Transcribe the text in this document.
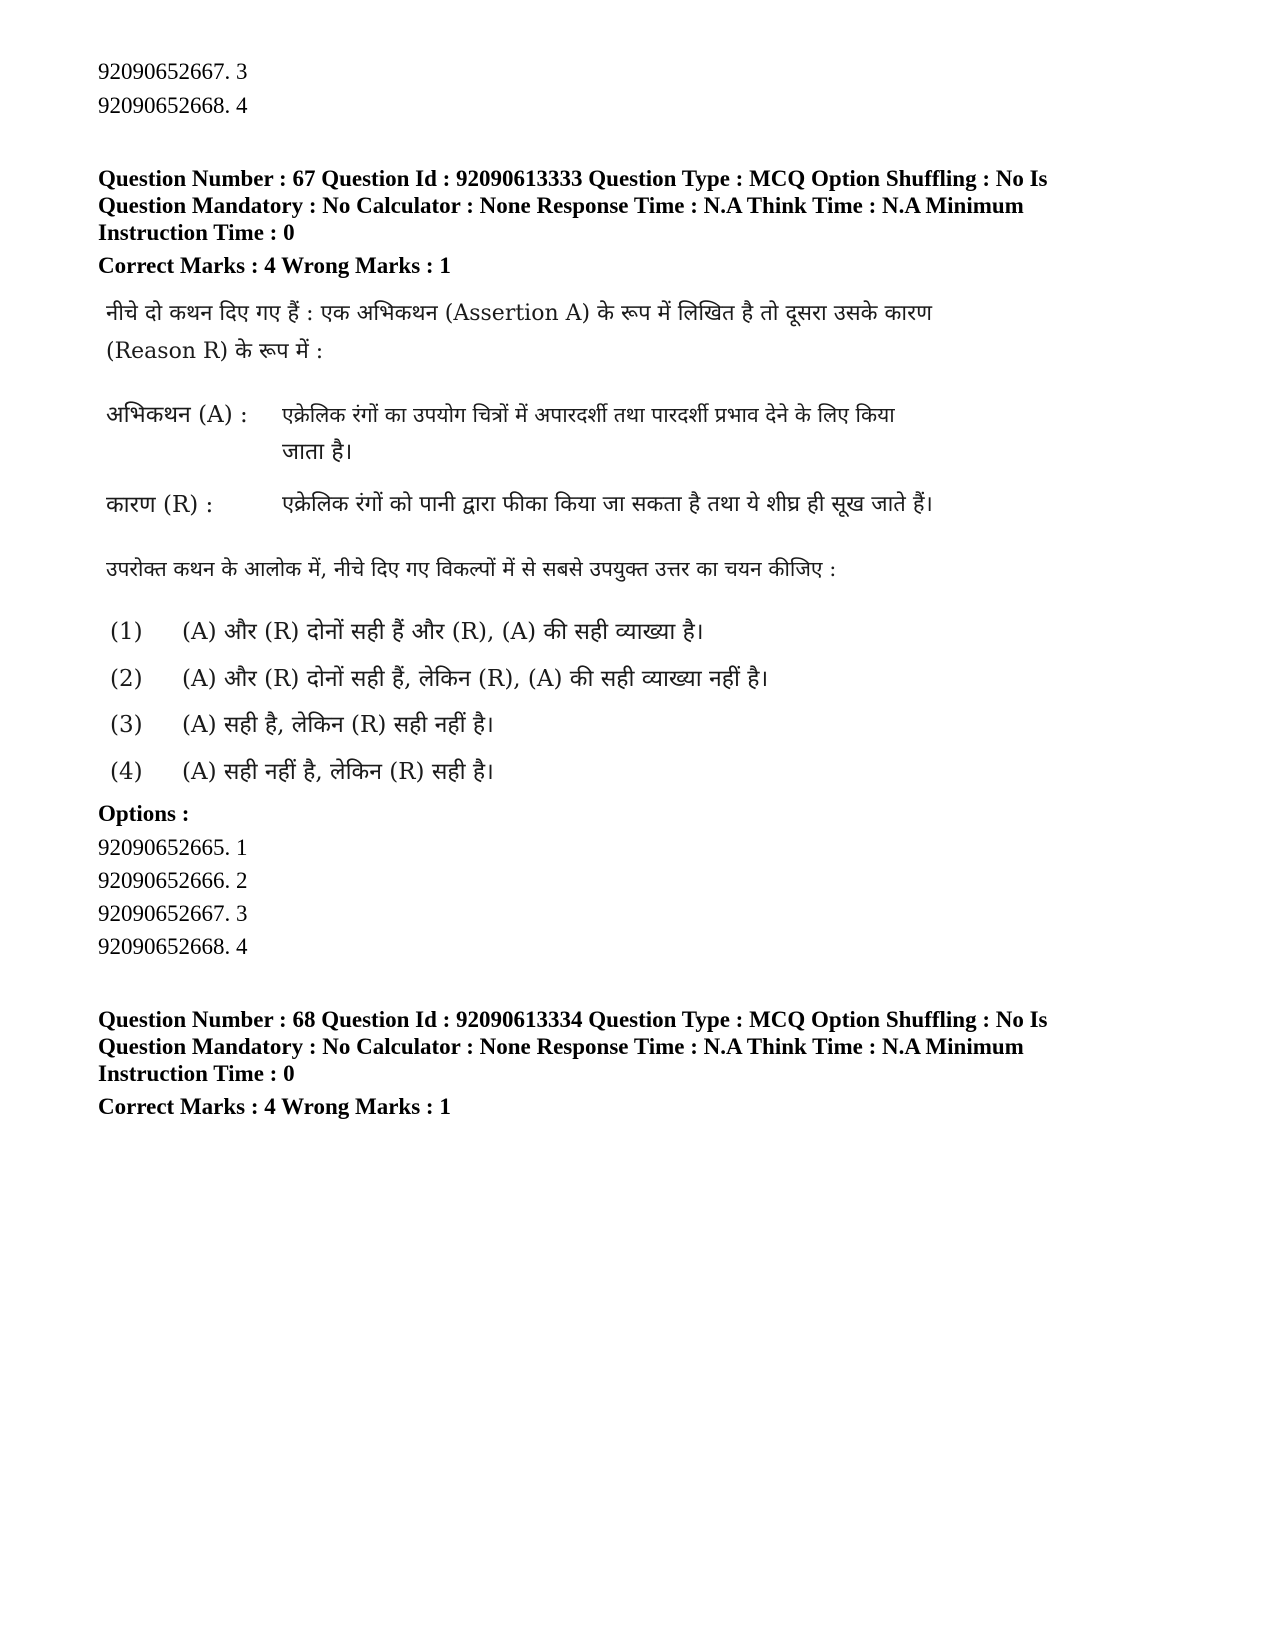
92090652667. 3
92090652668. 4
Question Number : 67 Question Id : 92090613333 Question Type : MCQ Option Shuffling : No Is
Question Mandatory : No Calculator : None Response Time : N.A Think Time : N.A Minimum
Instruction Time : 0
Correct Marks : 4 Wrong Marks : 1
नीचे दो कथन दिए गए हैं : एक अभिकथन (Assertion A) के रूप में लिखित है तो दूसरा उसके कारण
(Reason R) के रूप में :
अभिकथन (A) : एक्रेलिक रंगों का उपयोग चित्रों में अपारदर्शी तथा पारदर्शी प्रभाव देने के लिए किया
जाता है।
कारण (R) :	एक्रेलिक रंगों को पानी द्वारा फीका किया जा सकता है तथा ये शीघ्र ही सूख जाते हैं।
उपरोक्त कथन के आलोक में, नीचे दिए गए विकल्पों में से सबसे उपयुक्त उत्तर का चयन कीजिए :
(1) (A) और (R) दोनों सही हैं और (R), (A) की सही व्याख्या है।
(2) (A) और (R) दोनों सही हैं, लेकिन (R), (A) की सही व्याख्या नहीं है।
(3) (A) सही है, लेकिन (R) सही नहीं है।
(4) (A) सही नहीं है, लेकिन (R) सही है।
Options :
92090652665. 1
92090652666. 2
92090652667. 3
92090652668. 4
Question Number : 68 Question Id : 92090613334 Question Type : MCQ Option Shuffling : No Is
Question Mandatory : No Calculator : None Response Time : N.A Think Time : N.A Minimum
Instruction Time : 0
Correct Marks : 4 Wrong Marks : 1
